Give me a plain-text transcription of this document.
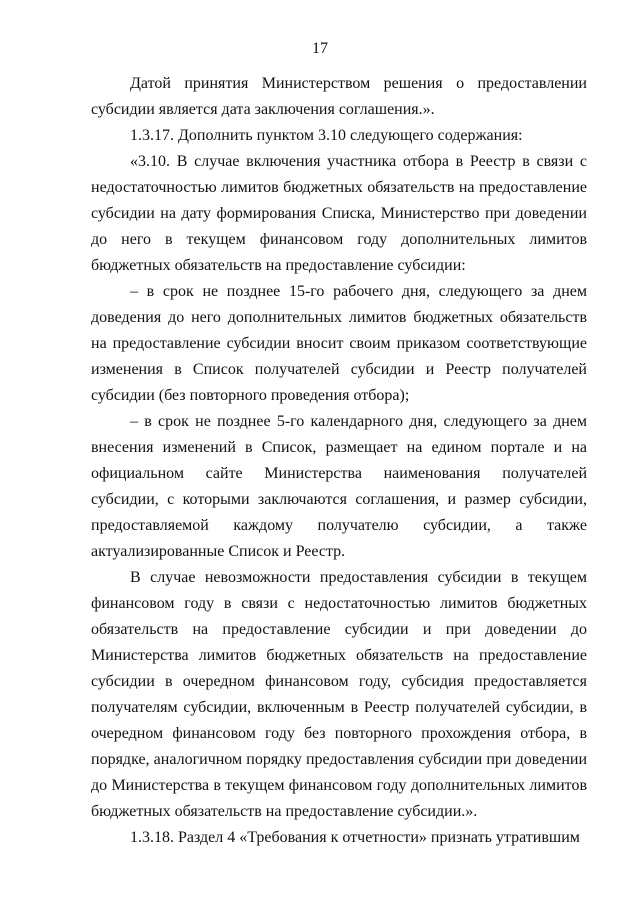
17

Датой принятия Министерством решения о предоставлении субсидии является дата заключения соглашения.».

1.3.17. Дополнить пунктом 3.10 следующего содержания:

«3.10. В случае включения участника отбора в Реестр в связи с недостаточностью лимитов бюджетных обязательств на предоставление субсидии на дату формирования Списка, Министерство при доведении до него в текущем финансовом году дополнительных лимитов бюджетных обязательств на предоставление субсидии:

– в срок не позднее 15-го рабочего дня, следующего за днем доведения до него дополнительных лимитов бюджетных обязательств на предоставление субсидии вносит своим приказом соответствующие изменения в Список получателей субсидии и Реестр получателей субсидии (без повторного проведения отбора);

– в срок не позднее 5-го календарного дня, следующего за днем внесения изменений в Список, размещает на едином портале и на официальном сайте Министерства наименования получателей субсидии, с которыми заключаются соглашения, и размер субсидии, предоставляемой каждому получателю субсидии, а также актуализированные Список и Реестр.

В случае невозможности предоставления субсидии в текущем финансовом году в связи с недостаточностью лимитов бюджетных обязательств на предоставление субсидии и при доведении до Министерства лимитов бюджетных обязательств на предоставление субсидии в очередном финансовом году, субсидия предоставляется получателям субсидии, включенным в Реестр получателей субсидии, в очередном финансовом году без повторного прохождения отбора, в порядке, аналогичном порядку предоставления субсидии при доведении до Министерства в текущем финансовом году дополнительных лимитов бюджетных обязательств на предоставление субсидии.».

1.3.18. Раздел 4 «Требования к отчетности» признать утратившим
